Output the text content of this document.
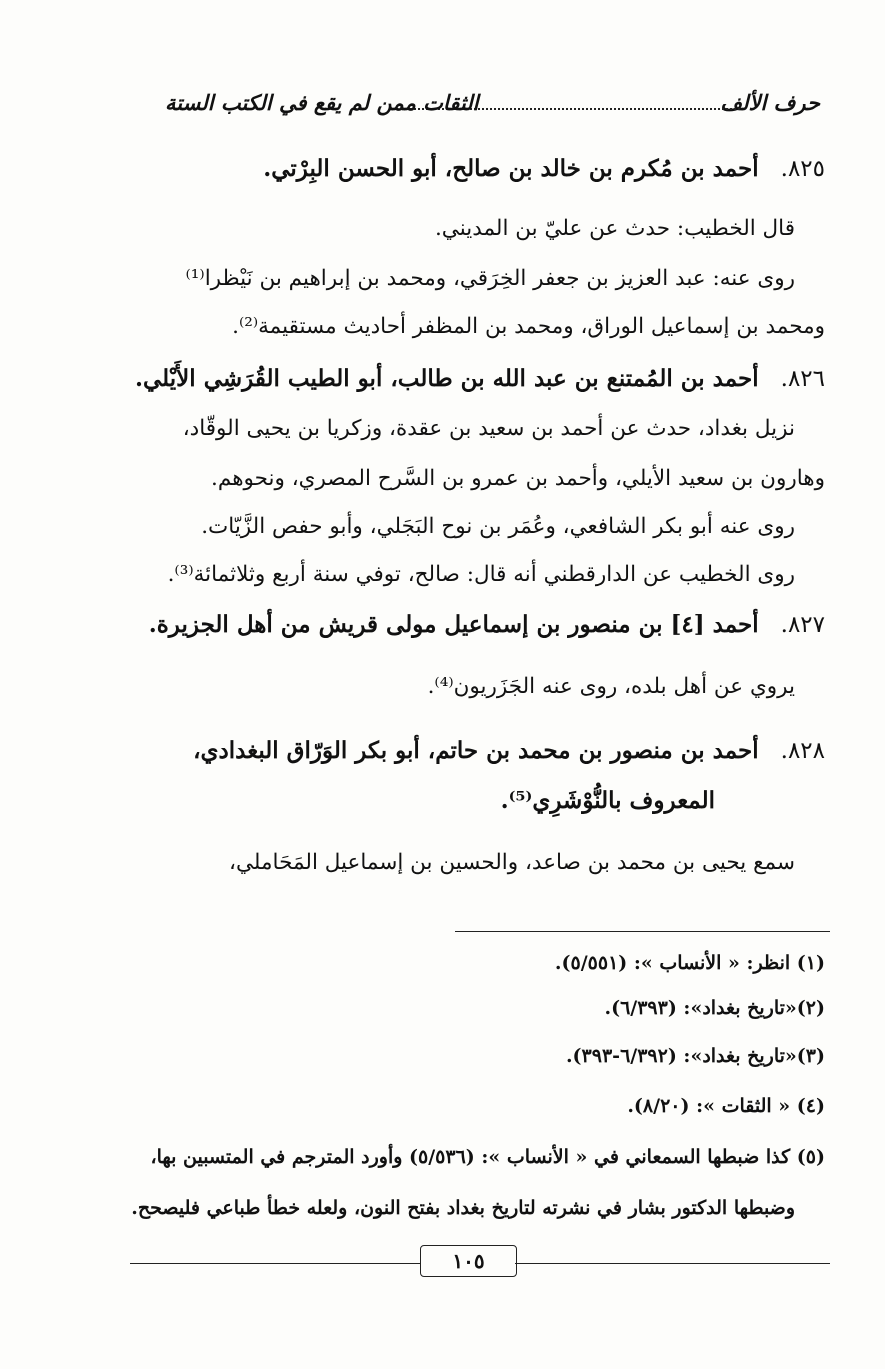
حرف الألف
الثقات ممن لم يقع في الكتب الستة
٨٢٥.أحمد بن مُكرم بن خالد بن صالح، أبو الحسن البِرْتي.
قال الخطيب: حدث عن عليّ بن المديني.
روى عنه: عبد العزيز بن جعفر الخِرَقي، ومحمد بن إبراهيم بن نَيْظرا⁽¹⁾
ومحمد بن إسماعيل الوراق، ومحمد بن المظفر أحاديث مستقيمة⁽²⁾.
٨٢٦.أحمد بن المُمتنع بن عبد الله بن طالب، أبو الطيب القُرَشِي الأَيْلي.
نزيل بغداد، حدث عن أحمد بن سعيد بن عقدة، وزكريا بن يحيى الوقّاد،
وهارون بن سعيد الأيلي، وأحمد بن عمرو بن السَّرح المصري، ونحوهم.
روى عنه أبو بكر الشافعي، وعُمَر بن نوح البَجَلي، وأبو حفص الزَّيّات.
روى الخطيب عن الدارقطني أنه قال: صالح، توفي سنة أربع وثلاثمائة⁽³⁾.
٨٢٧.أحمد [٤] بن منصور بن إسماعيل مولى قريش من أهل الجزيرة.
يروي عن أهل بلده، روى عنه الجَزَريون⁽⁴⁾.
٨٢٨.أحمد بن منصور بن محمد بن حاتم، أبو بكر الوَرّاق البغدادي،
المعروف بالنُّوْشَرِي⁽⁵⁾.
سمع يحيى بن محمد بن صاعد، والحسين بن إسماعيل المَحَاملي،
(١) انظر: « الأنساب »: (٥/٥٥١).
(٢)«تاريخ بغداد»: (٦/٣٩٣).
(٣)«تاريخ بغداد»: (٦/٣٩٢-٣٩٣).
(٤) « الثقات »: (٨/٢٠).
(٥) كذا ضبطها السمعاني في « الأنساب »: (٥/٥٣٦) وأورد المترجم في المتسبين بها،
وضبطها الدكتور بشار في نشرته لتاريخ بغداد بفتح النون، ولعله خطأ طباعي فليصحح.
١٠٥
